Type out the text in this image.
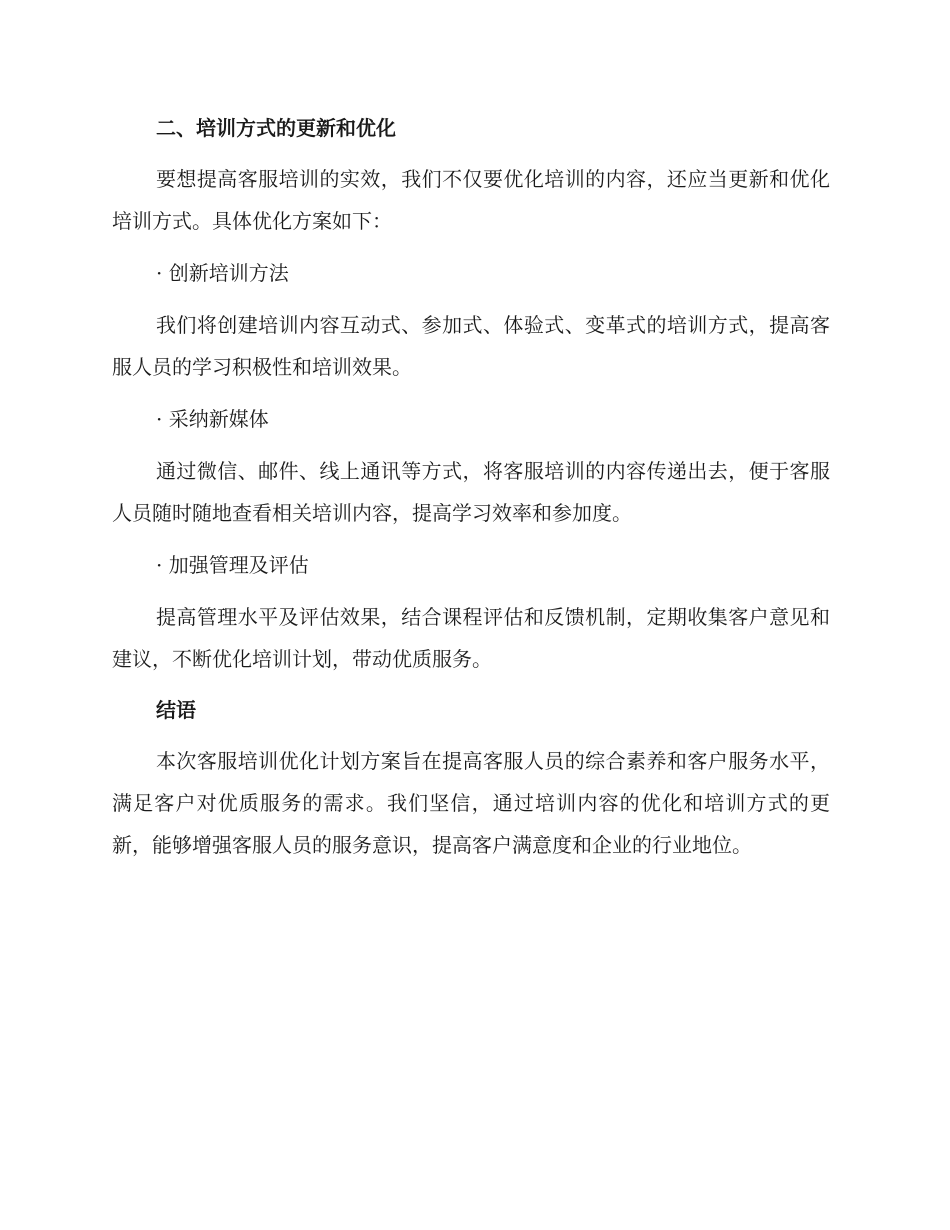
二、培训方式的更新和优化

要想提高客服培训的实效，我们不仅要优化培训的内容，还应当更新和优化培训方式。具体优化方案如下：

· 创新培训方法

我们将创建培训内容互动式、参加式、体验式、变革式的培训方式，提高客服人员的学习积极性和培训效果。

· 采纳新媒体

通过微信、邮件、线上通讯等方式，将客服培训的内容传递出去，便于客服人员随时随地查看相关培训内容，提高学习效率和参加度。

· 加强管理及评估

提高管理水平及评估效果，结合课程评估和反馈机制，定期收集客户意见和建议，不断优化培训计划，带动优质服务。

结语

本次客服培训优化计划方案旨在提高客服人员的综合素养和客户服务水平，满足客户对优质服务的需求。我们坚信，通过培训内容的优化和培训方式的更新，能够增强客服人员的服务意识，提高客户满意度和企业的行业地位。
